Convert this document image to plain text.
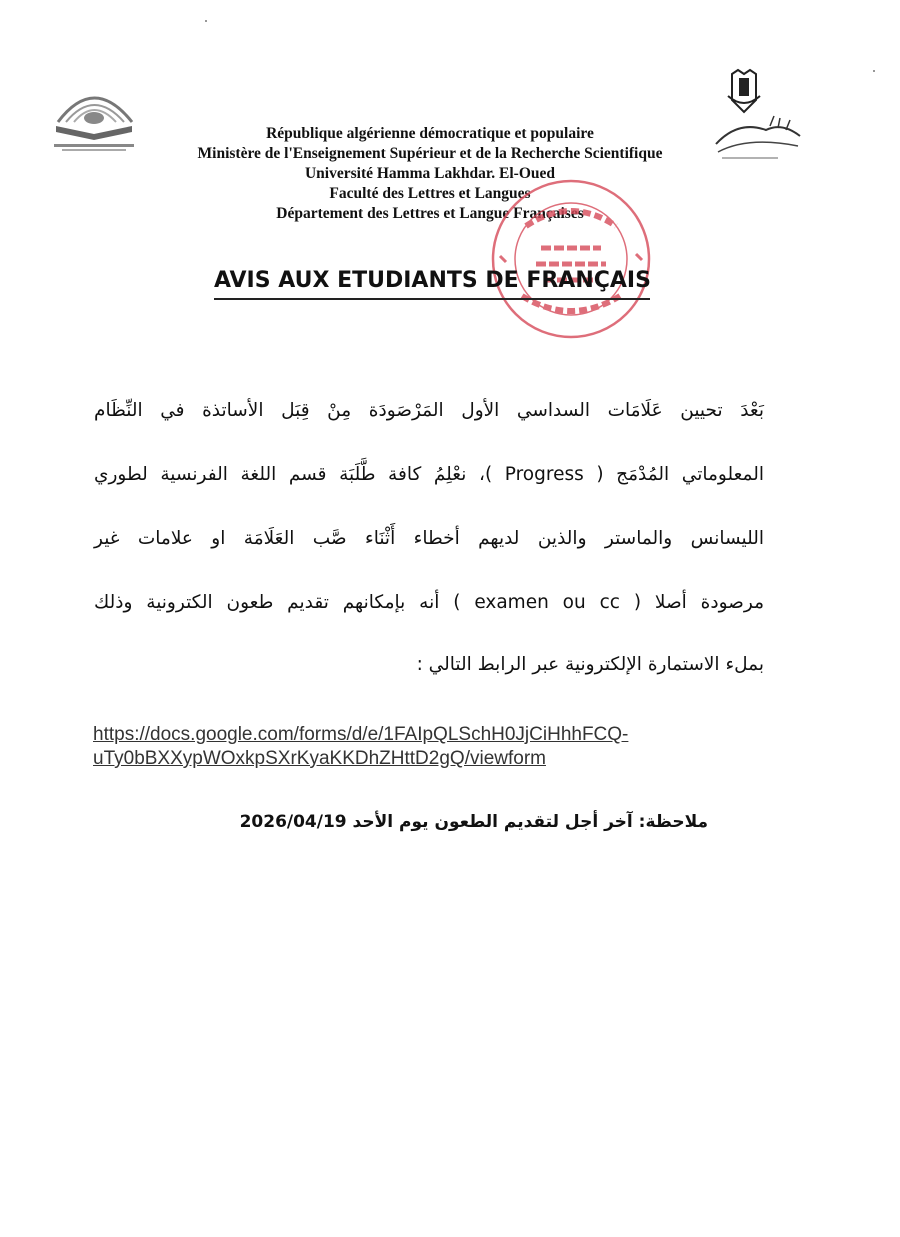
République algérienne démocratique et populaire
Ministère de l'Enseignement Supérieur et de la Recherche Scientifique
Université Hamma Lakhdar. El-Oued
Faculté des Lettres et Langues
Département des Lettres et Langue Françaises
AVIS AUX ETUDIANTS DE FRANÇAIS
بَعْدَ تحيين عَلَامَات السداسي الأول المَرْصَودَة مِنْ قِبَل الأساتذة في النِّظَام
المعلوماتي المُدْمَج ( Progress )، نعْلِمُ كافة طَّلَبَة قسم اللغة الفرنسية لطوري
الليسانس والماستر والذين لديهم أخطاء أَثْنَاء صَّب العَلَامَة او علامات غير
مرصودة أصلا ( examen ou cc ) أنه بإمكانهم تقديم طعون الكترونية وذلك
بملء الاستمارة الإلكترونية عبر الرابط التالي :
https://docs.google.com/forms/d/e/1FAIpQLSchH0JjCiHhhFCQ-
uTy0bBXXypWOxkpSXrKyaKKDhZHttD2gQ/viewform
ملاحظة: آخر أجل لتقديم الطعون يوم الأحد 2026/04/19
